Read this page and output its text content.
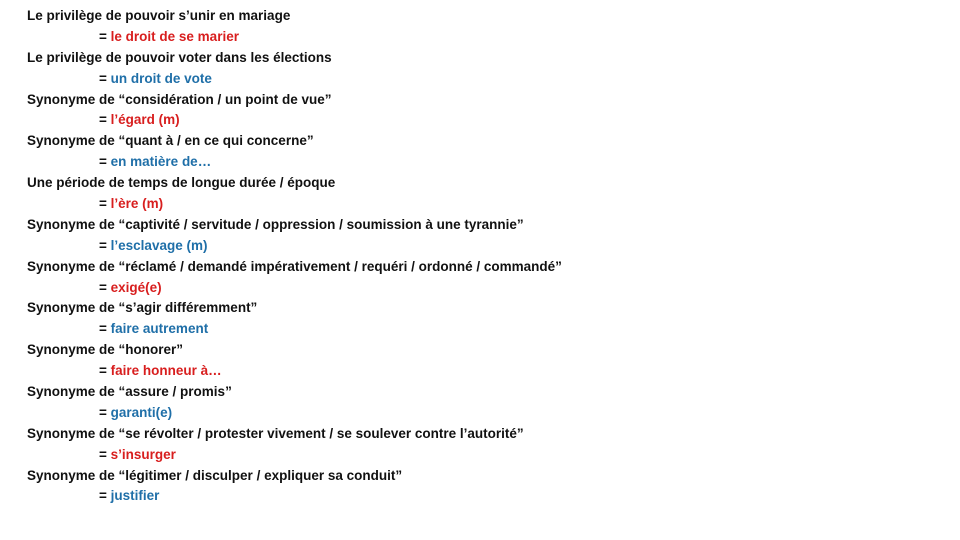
Le privilège de pouvoir s’unir en mariage
= le droit de se marier
Le privilège de pouvoir voter dans les élections
= un droit de vote
Synonyme de “considération / un point de vue”
= l’égard (m)
Synonyme de “quant à / en ce qui concerne”
= en matière de…
Une période de temps de longue durée / époque
= l’ère (m)
Synonyme de “captivité / servitude / oppression / soumission à une tyrannie”
= l’esclavage (m)
Synonyme de “réclamé / demandé impérativement / requéri / ordonné / commandé”
= exigé(e)
Synonyme de “s’agir différemment”
= faire autrement
Synonyme de “honorer”
= faire honneur à…
Synonyme de “assure / promis”
= garanti(e)
Synonyme de “se révolter / protester vivement / se soulever contre l’autorité”
= s’insurger
Synonyme de “légitimer / disculper / expliquer sa conduit”
= justifier
